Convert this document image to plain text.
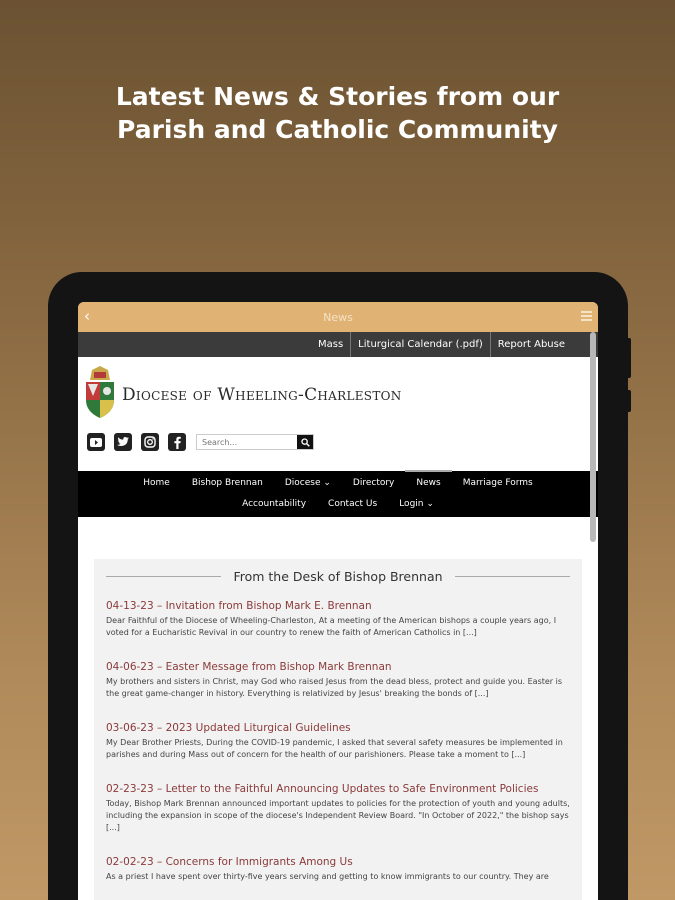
Latest News & Stories from our
Parish and Catholic Community
‹	News
Mass	Liturgical Calendar (.pdf)	Report Abuse
Diocese of Wheeling-Charleston
Search...
Home	Bishop Brennan	Diocese ⌄	Directory	News	Marriage Forms
Accountability	Contact Us	Login ⌄
From the Desk of Bishop Brennan
04-13-23 – Invitation from Bishop Mark E. Brennan
Dear Faithful of the Diocese of Wheeling-Charleston, At a meeting of the American bishops a couple years ago, I voted for a Eucharistic Revival in our country to renew the faith of American Catholics in [...]
04-06-23 – Easter Message from Bishop Mark Brennan
My brothers and sisters in Christ, may God who raised Jesus from the dead bless, protect and guide you. Easter is the great game-changer in history. Everything is relativized by Jesus' breaking the bonds of [...]
03-06-23 – 2023 Updated Liturgical Guidelines
My Dear Brother Priests, During the COVID-19 pandemic, I asked that several safety measures be implemented in parishes and during Mass out of concern for the health of our parishioners. Please take a moment to [...]
02-23-23 – Letter to the Faithful Announcing Updates to Safe Environment Policies
Today, Bishop Mark Brennan announced important updates to policies for the protection of youth and young adults, including the expansion in scope of the diocese's Independent Review Board. "In October of 2022," the bishop says [...]
02-02-23 – Concerns for Immigrants Among Us
As a priest I have spent over thirty-five years serving and getting to know immigrants to our country. They are
